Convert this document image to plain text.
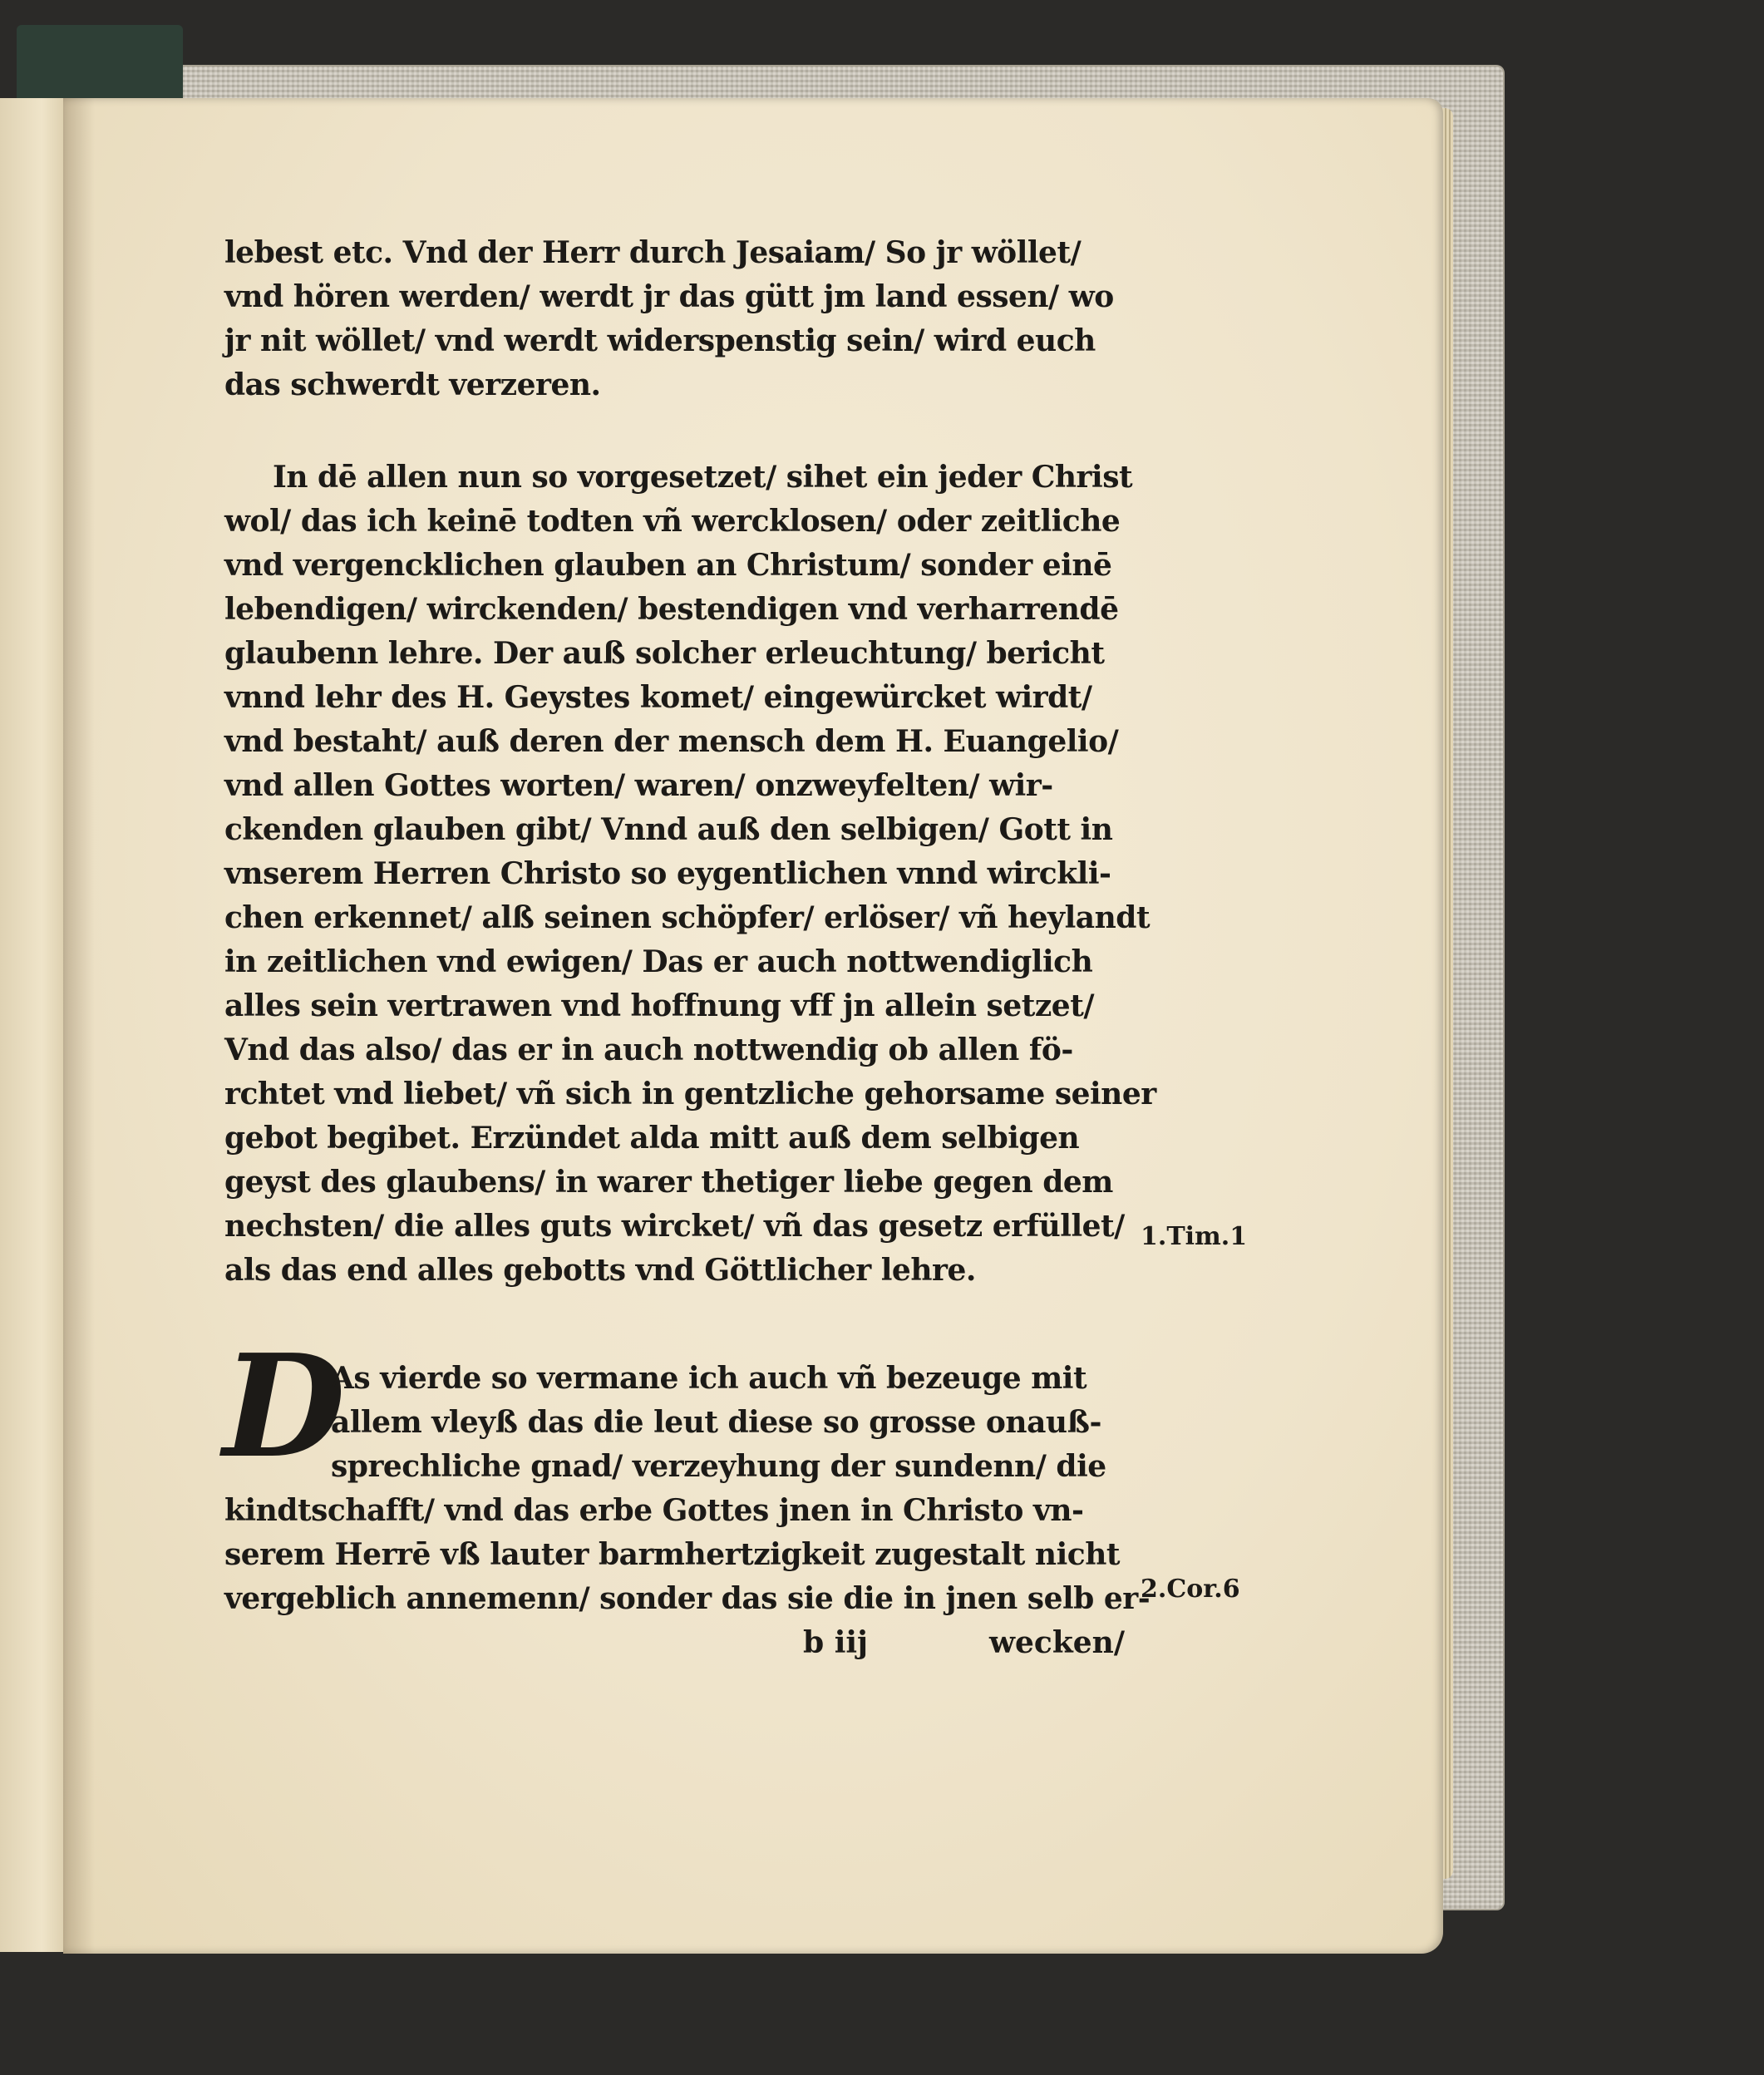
lebest etc. Vnd der Herr durch Jesaiam/ So jr wöllet/
vnd hören werden/ werdt jr das gütt jm land essen/ wo
jr nit wöllet/ vnd werdt widerspenstig sein/ wird euch
das schwerdt verzeren.
In dē allen nun so vorgesetzet/ sihet ein jeder Christ
wol/ das ich keinē todten vñ wercklosen/ oder zeitliche
vnd vergencklichen glauben an Christum/ sonder einē
lebendigen/ wirckenden/ bestendigen vnd verharrendē
glaubenn lehre. Der auß solcher erleuchtung/ bericht
vnnd lehr des H. Geystes komet/ eingewürcket wirdt/
vnd bestaht/ auß deren der mensch dem H. Euangelio/
vnd allen Gottes worten/ waren/ onzweyfelten/ wir-
ckenden glauben gibt/ Vnnd auß den selbigen/ Gott in
vnserem Herren Christo so eygentlichen vnnd wirckli-
chen erkennet/ alß seinen schöpfer/ erlöser/ vñ heylandt
in zeitlichen vnd ewigen/ Das er auch nottwendiglich
alles sein vertrawen vnd hoffnung vff jn allein setzet/
Vnd das also/ das er in auch nottwendig ob allen fö-
rchtet vnd liebet/ vñ sich in gentzliche gehorsame seiner
gebot begibet. Erzündet alda mitt auß dem selbigen
geyst des glaubens/ in warer thetiger liebe gegen dem
nechsten/ die alles guts wircket/ vñ das gesetz erfüllet/
als das end alles gebotts vnd Göttlicher lehre.
D
As vierde so vermane ich auch vñ bezeuge mit
allem vleyß das die leut diese so grosse onauß-
sprechliche gnad/ verzeyhung der sundenn/ die
kindtschafft/ vnd das erbe Gottes jnen in Christo vn-
serem Herrē vß lauter barmhertzigkeit zugestalt nicht
vergeblich annemenn/ sonder das sie die in jnen selb er-
1.Tim.1
2.Cor.6
b iij	wecken/
